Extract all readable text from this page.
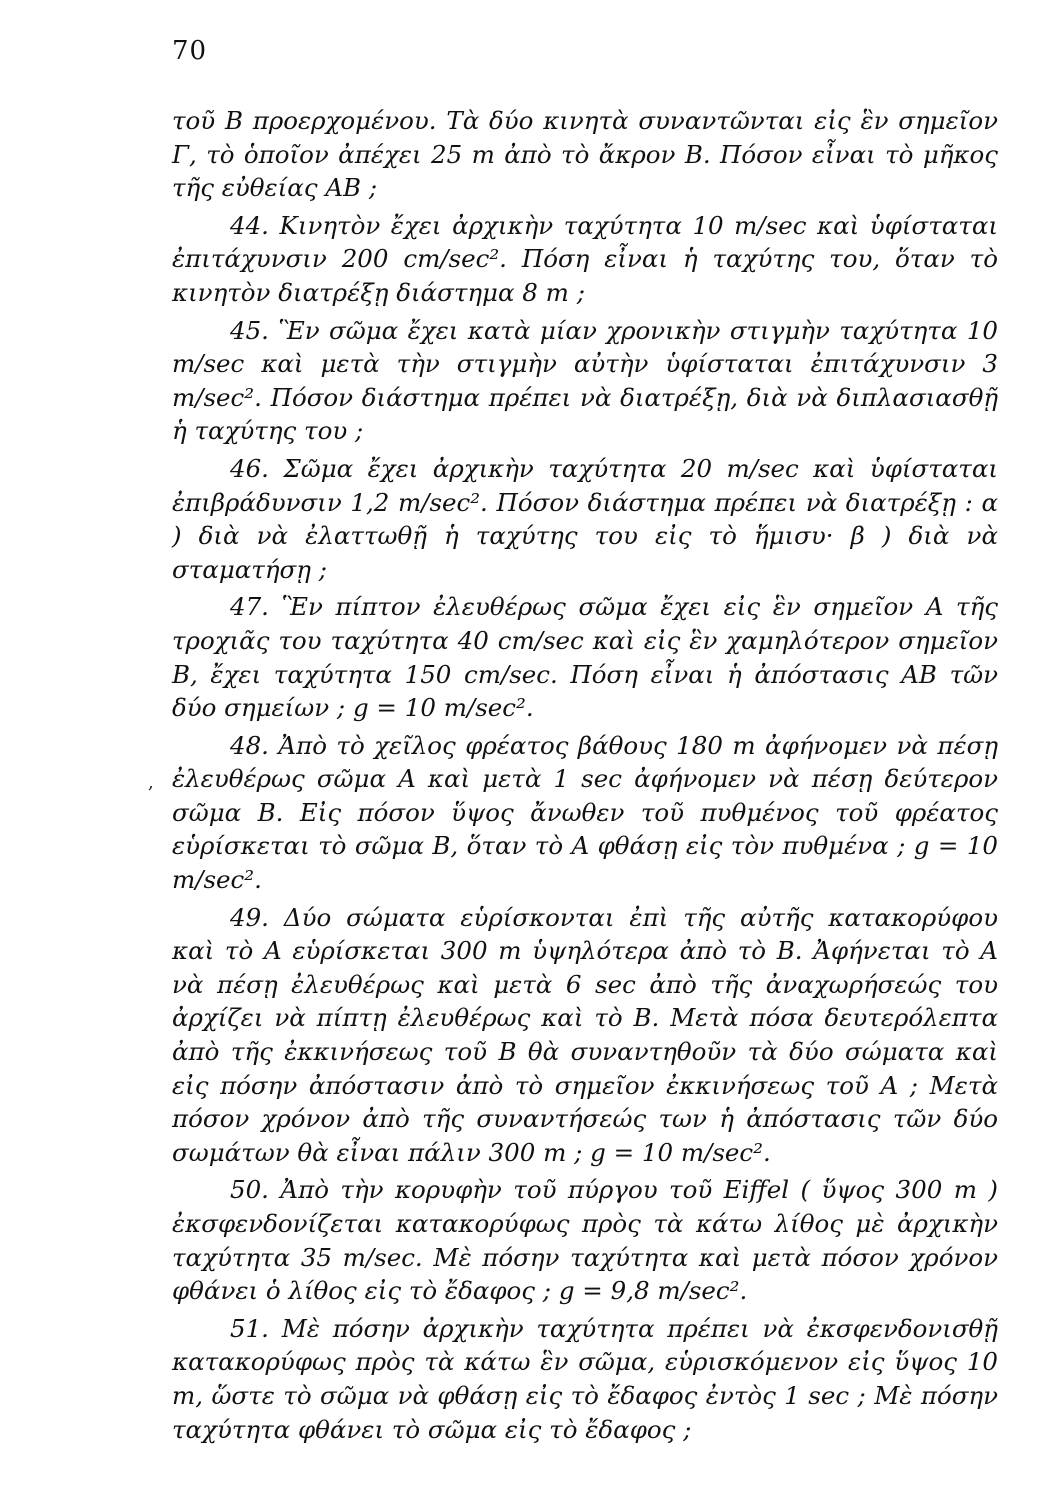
70
,

τοῦ Β προερχομένου. Τὰ δύο κινητὰ συναντῶνται εἰς ἓν σημεῖον Γ, τὸ ὁποῖον ἀπέχει 25 m ἀπὸ τὸ ἄκρον Β. Πόσον εἶναι τὸ μῆκος τῆς εὐθείας ΑΒ ;

44. Κινητὸν ἔχει ἀρχικὴν ταχύτητα 10 m/sec καὶ ὑφίσταται ἐπιτάχυνσιν 200 cm/sec². Πόση εἶναι ἡ ταχύτης του, ὅταν τὸ κινητὸν διατρέξῃ διάστημα 8 m ;

45. Ἓν σῶμα ἔχει κατὰ μίαν χρονικὴν στιγμὴν ταχύτητα 10 m/sec καὶ μετὰ τὴν στιγμὴν αὐτὴν ὑφίσταται ἐπιτάχυνσιν 3 m/sec². Πόσον διάστημα πρέπει νὰ διατρέξῃ, διὰ νὰ διπλασιασθῇ ἡ ταχύτης του ;

46. Σῶμα ἔχει ἀρχικὴν ταχύτητα 20 m/sec καὶ ὑφίσταται ἐπιβράδυνσιν 1,2 m/sec². Πόσον διάστημα πρέπει νὰ διατρέξῃ : α ) διὰ νὰ ἐλαττωθῇ ἡ ταχύτης του εἰς τὸ ἥμισυ· β ) διὰ νὰ σταματήσῃ ;

47. Ἓν πίπτον ἐλευθέρως σῶμα ἔχει εἰς ἓν σημεῖον Α τῆς τροχιᾶς του ταχύτητα 40 cm/sec καὶ εἰς ἓν χαμηλότερον σημεῖον Β, ἔχει ταχύτητα 150 cm/sec. Πόση εἶναι ἡ ἀπόστασις ΑΒ τῶν δύο σημείων ; g = 10 m/sec².

48. Ἀπὸ τὸ χεῖλος φρέατος βάθους 180 m ἀφήνομεν νὰ πέσῃ ἐλευθέρως σῶμα Α καὶ μετὰ 1 sec ἀφήνομεν νὰ πέσῃ δεύτερον σῶμα Β. Εἰς πόσον ὕψος ἄνωθεν τοῦ πυθμένος τοῦ φρέατος εὑρίσκεται τὸ σῶμα Β, ὅταν τὸ Α φθάσῃ εἰς τὸν πυθμένα ; g = 10 m/sec².

49. Δύο σώματα εὑρίσκονται ἐπὶ τῆς αὐτῆς κατακορύφου καὶ τὸ Α εὑρίσκεται 300 m ὑψηλότερα ἀπὸ τὸ Β. Ἀφήνεται τὸ Α νὰ πέσῃ ἐλευθέρως καὶ μετὰ 6 sec ἀπὸ τῆς ἀναχωρήσεώς του ἀρχίζει νὰ πίπτῃ ἐλευθέρως καὶ τὸ Β. Μετὰ πόσα δευτερόλεπτα ἀπὸ τῆς ἐκκινήσεως τοῦ Β θὰ συναντηθοῦν τὰ δύο σώματα καὶ εἰς πόσην ἀπόστασιν ἀπὸ τὸ σημεῖον ἐκκινήσεως τοῦ Α ; Μετὰ πόσον χρόνον ἀπὸ τῆς συναντήσεώς των ἡ ἀπόστασις τῶν δύο σωμάτων θὰ εἶναι πάλιν 300 m ; g = 10 m/sec².

50. Ἀπὸ τὴν κορυφὴν τοῦ πύργου τοῦ Eiffel ( ὕψος 300 m ) ἐκσφενδονίζεται κατακορύφως πρὸς τὰ κάτω λίθος μὲ ἀρχικὴν ταχύτητα 35 m/sec. Μὲ πόσην ταχύτητα καὶ μετὰ πόσον χρόνον φθάνει ὁ λίθος εἰς τὸ ἔδαφος ; g = 9,8 m/sec².

51. Μὲ πόσην ἀρχικὴν ταχύτητα πρέπει νὰ ἐκσφενδονισθῇ κατακορύφως πρὸς τὰ κάτω ἓν σῶμα, εὑρισκόμενον εἰς ὕψος 10 m, ὥστε τὸ σῶμα νὰ φθάσῃ εἰς τὸ ἔδαφος ἐντὸς 1 sec ; Μὲ πόσην ταχύτητα φθάνει τὸ σῶμα εἰς τὸ ἔδαφος ;
